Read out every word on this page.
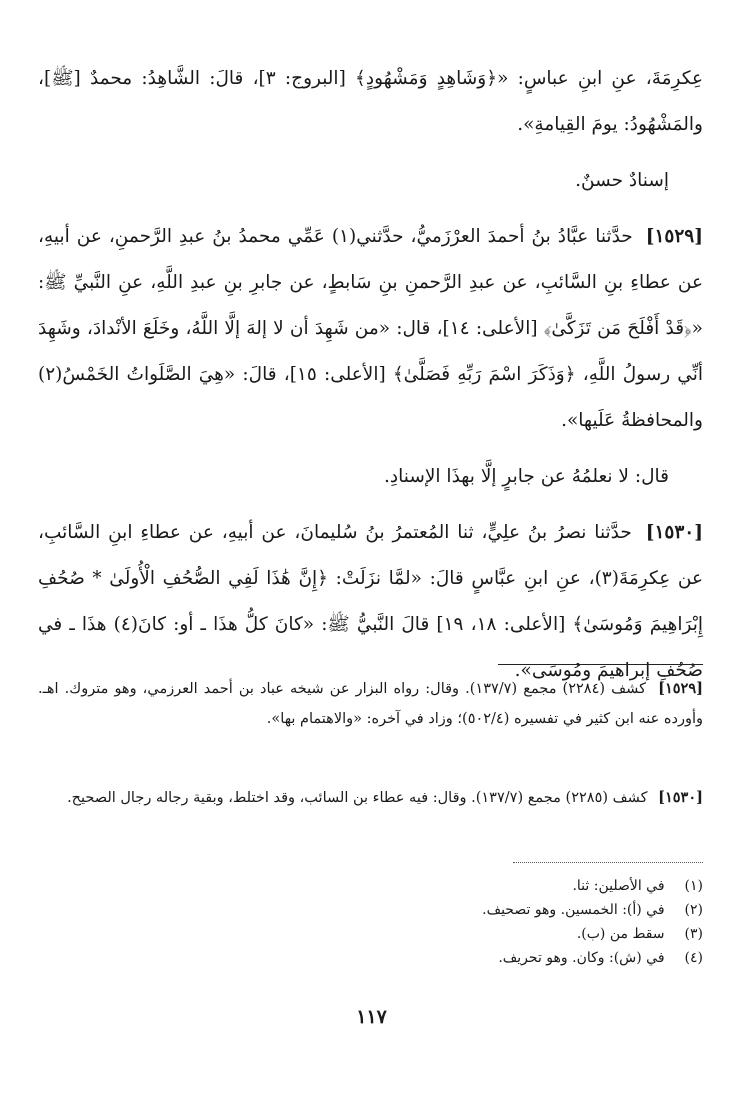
عِكرِمَةَ، عنِ ابنِ عباسٍ: «﴿وَشَاهِدٍ وَمَشْهُودٍ﴾ [البروج: ٣]، قالَ: الشَّاهِدُ: محمدٌ [ﷺ]، والمَشْهُودُ: يومَ القِيامةِ».

إسنادٌ حسنٌ.

[١٥٢٩] حدَّثنا عبَّادُ بنُ أحمدَ العرْزَميُّ، حدَّثني(١) عَمِّي محمدُ بنُ عبدِ الرَّحمنِ، عن أبيهِ، عن عطاءِ بنِ السَّائبِ، عن عبدِ الرَّحمنِ بنِ سَابطٍ، عن جابرِ بنِ عبدِ اللَّهِ، عنِ النَّبيِّ ﷺ: «﴿قَدْ أَفْلَحَ مَن تَزَكَّىٰ﴾ [الأعلى: ١٤]، قال: «من شَهِدَ أن لا إلهَ إلَّا اللَّهُ، وخَلَعَ الأنْدادَ، وشَهِدَ أنِّي رسولُ اللَّهِ، ﴿وَذَكَرَ اسْمَ رَبِّهِ فَصَلَّىٰ﴾ [الأعلى: ١٥]، قالَ: «هِيَ الصَّلَواتُ الخَمْسُ(٢) والمحافظةُ عَلَيها».

قال: لا نعلمُهُ عن جابرٍ إلَّا بهذَا الإسنادِ.

[١٥٣٠] حدَّثنا نصرُ بنُ علِيٍّ، ثنا المُعتمرُ بنُ سُليمانَ، عن أبيهِ، عن عطاءِ ابنِ السَّائبِ، عن عِكرِمَةَ(٣)، عنِ ابنِ عبَّاسٍ قالَ: «لمَّا نزَلَتْ: ﴿إِنَّ هَٰذَا لَفِي الصُّحُفِ الْأُولَىٰ * صُحُفِ إِبْرَاهِيمَ وَمُوسَىٰ﴾ [الأعلى: ١٨، ١٩] قالَ النَّبيُّ ﷺ: «كانَ كلُّ هذَا ـ أو: كانَ(٤) هذَا ـ في صُحُفِ إبراهيمَ ومُوسَى».

[١٥٢٩] كشف (٢٢٨٤) مجمع (١٣٧/٧). وقال: رواه البزار عن شيخه عباد بن أحمد العرزمي، وهو متروك. اهـ. وأورده عنه ابن كثير في تفسيره (٥٠٢/٤)؛ وزاد في آخره: «والاهتمام بها».

[١٥٣٠] كشف (٢٢٨٥) مجمع (١٣٧/٧). وقال: فيه عطاء بن السائب، وقد اختلط، وبقية رجاله رجال الصحيح.

(١) في الأصلين: ثنا.
(٢) في (أ): الخمسين. وهو تصحيف.
(٣) سقط من (ب).
(٤) في (ش): وكان. وهو تحريف.
١١٧
